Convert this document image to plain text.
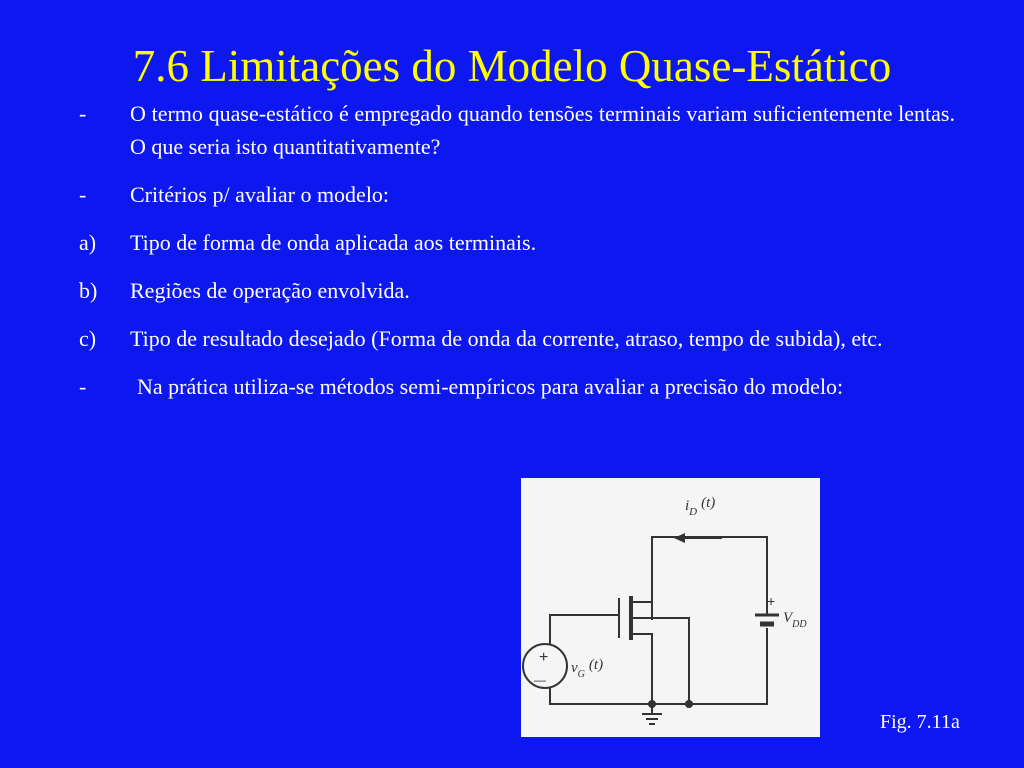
7.6 Limitações do Modelo Quase-Estático
- O termo quase-estático é empregado quando tensões terminais variam suficientemente lentas. O que seria isto quantitativamente?
- Critérios p/ avaliar o modelo:
a) Tipo de forma de onda aplicada aos terminais.
b) Regiões de operação envolvida.
c) Tipo de resultado desejado (Forma de onda da corrente, atraso, tempo de subida), etc.
- Na prática utiliza-se métodos semi-empíricos para avaliar a precisão do modelo:
+
—
$i_D(t)$
+
$V_{DD}$
$v_G(t)$
Fig. 7.11a
